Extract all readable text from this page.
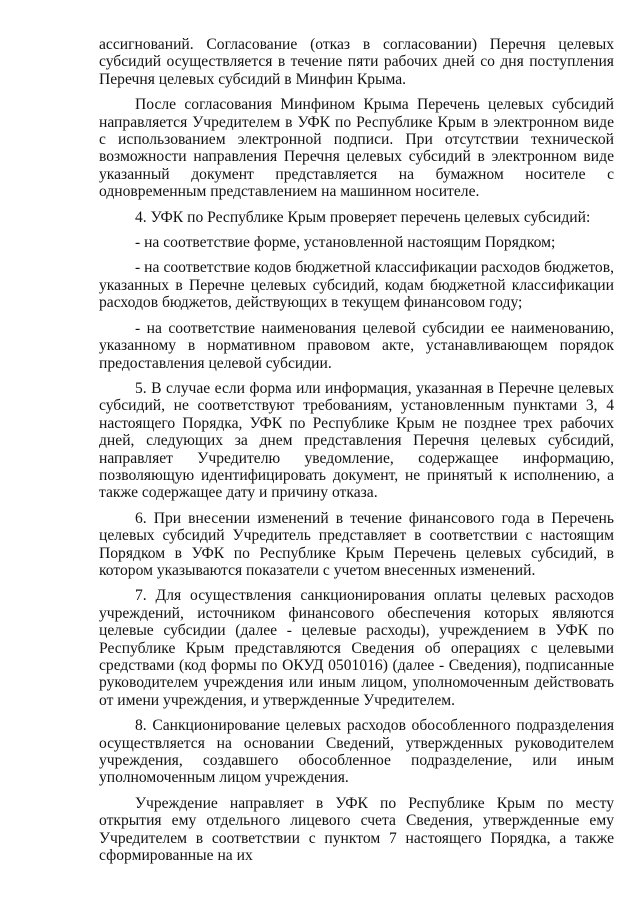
ассигнований. Согласование (отказ в согласовании) Перечня целевых субсидий осуществляется в течение пяти рабочих дней со дня поступления Перечня целевых субсидий в Минфин Крыма.

После согласования Минфином Крыма Перечень целевых субсидий направляется Учредителем в УФК по Республике Крым в электронном виде с использованием электронной подписи. При отсутствии технической возможности направления Перечня целевых субсидий в электронном виде указанный документ представляется на бумажном носителе с одновременным представлением на машинном носителе.

4. УФК по Республике Крым проверяет перечень целевых субсидий:

- на соответствие форме, установленной настоящим Порядком;

- на соответствие кодов бюджетной классификации расходов бюджетов, указанных в Перечне целевых субсидий, кодам бюджетной классификации расходов бюджетов, действующих в текущем финансовом году;

- на соответствие наименования целевой субсидии ее наименованию, указанному в нормативном правовом акте, устанавливающем порядок предоставления целевой субсидии.

5. В случае если форма или информация, указанная в Перечне целевых субсидий, не соответствуют требованиям, установленным пунктами 3, 4 настоящего Порядка, УФК по Республике Крым не позднее трех рабочих дней, следующих за днем представления Перечня целевых субсидий, направляет Учредителю уведомление, содержащее информацию, позволяющую идентифицировать документ, не принятый к исполнению, а также содержащее дату и причину отказа.

6. При внесении изменений в течение финансового года в Перечень целевых субсидий Учредитель представляет в соответствии с настоящим Порядком в УФК по Республике Крым Перечень целевых субсидий, в котором указываются показатели с учетом внесенных изменений.

7. Для осуществления санкционирования оплаты целевых расходов учреждений, источником финансового обеспечения которых являются целевые субсидии (далее - целевые расходы), учреждением в УФК по Республике Крым представляются Сведения об операциях с целевыми средствами (код формы по ОКУД 0501016) (далее - Сведения), подписанные руководителем учреждения или иным лицом, уполномоченным действовать от имени учреждения, и утвержденные Учредителем.

8. Санкционирование целевых расходов обособленного подразделения осуществляется на основании Сведений, утвержденных руководителем учреждения, создавшего обособленное подразделение, или иным уполномоченным лицом учреждения.

Учреждение направляет в УФК по Республике Крым по месту открытия ему отдельного лицевого счета Сведения, утвержденные ему Учредителем в соответствии с пунктом 7 настоящего Порядка, а также сформированные на их
